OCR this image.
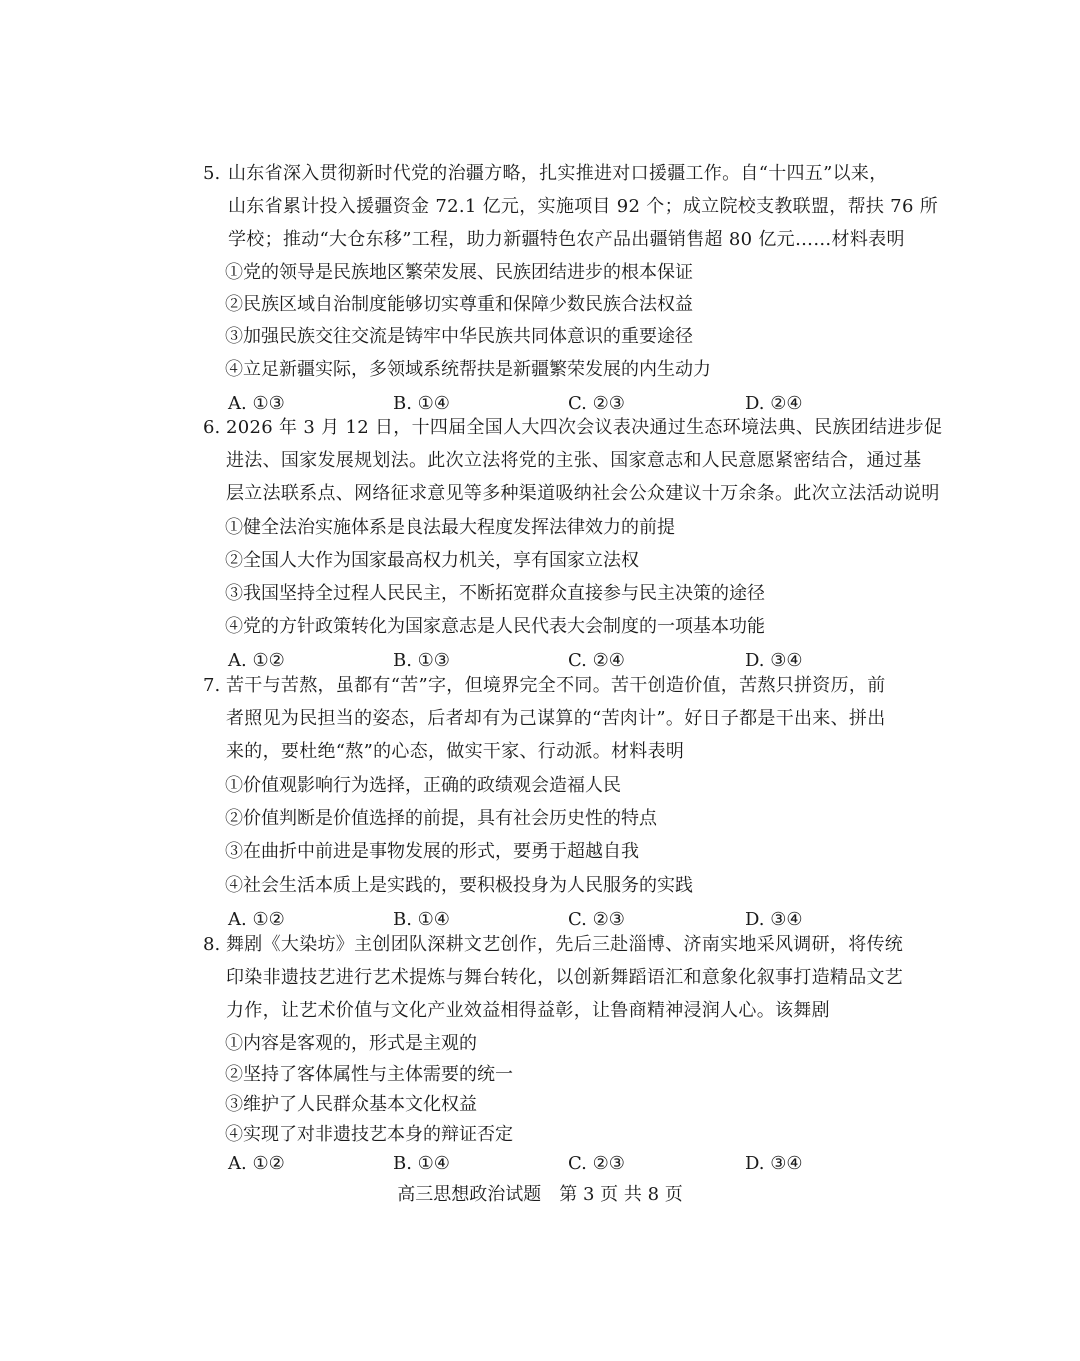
5. 山东省深入贯彻新时代党的治疆方略，扎实推进对口援疆工作。自“十四五”以来，
山东省累计投入援疆资金 72.1 亿元，实施项目 92 个；成立院校支教联盟，帮扶 76 所
学校；推动“大仓东移”工程，助力新疆特色农产品出疆销售超 80 亿元……材料表明
①党的领导是民族地区繁荣发展、民族团结进步的根本保证
②民族区域自治制度能够切实尊重和保障少数民族合法权益
③加强民族交往交流是铸牢中华民族共同体意识的重要途径
④立足新疆实际，多领域系统帮扶是新疆繁荣发展的内生动力
A. ①③	B. ①④	C. ②③	D. ②④
6. 2026 年 3 月 12 日，十四届全国人大四次会议表决通过生态环境法典、民族团结进步促
进法、国家发展规划法。此次立法将党的主张、国家意志和人民意愿紧密结合，通过基
层立法联系点、网络征求意见等多种渠道吸纳社会公众建议十万余条。此次立法活动说明
①健全法治实施体系是良法最大程度发挥法律效力的前提
②全国人大作为国家最高权力机关，享有国家立法权
③我国坚持全过程人民民主，不断拓宽群众直接参与民主决策的途径
④党的方针政策转化为国家意志是人民代表大会制度的一项基本功能
A. ①②	B. ①③	C. ②④	D. ③④
7. 苦干与苦熬，虽都有“苦”字，但境界完全不同。苦干创造价值，苦熬只拼资历，前
者照见为民担当的姿态，后者却有为己谋算的“苦肉计”。好日子都是干出来、拼出
来的，要杜绝“熬”的心态，做实干家、行动派。材料表明
①价值观影响行为选择，正确的政绩观会造福人民
②价值判断是价值选择的前提，具有社会历史性的特点
③在曲折中前进是事物发展的形式，要勇于超越自我
④社会生活本质上是实践的，要积极投身为人民服务的实践
A. ①②	B. ①④	C. ②③	D. ③④
8. 舞剧《大染坊》主创团队深耕文艺创作，先后三赴淄博、济南实地采风调研，将传统
印染非遗技艺进行艺术提炼与舞台转化，以创新舞蹈语汇和意象化叙事打造精品文艺
力作，让艺术价值与文化产业效益相得益彰，让鲁商精神浸润人心。该舞剧
①内容是客观的，形式是主观的
②坚持了客体属性与主体需要的统一
③维护了人民群众基本文化权益
④实现了对非遗技艺本身的辩证否定
A. ①②	B. ①④	C. ②③	D. ③④
高三思想政治试题　第 3 页 共 8 页
